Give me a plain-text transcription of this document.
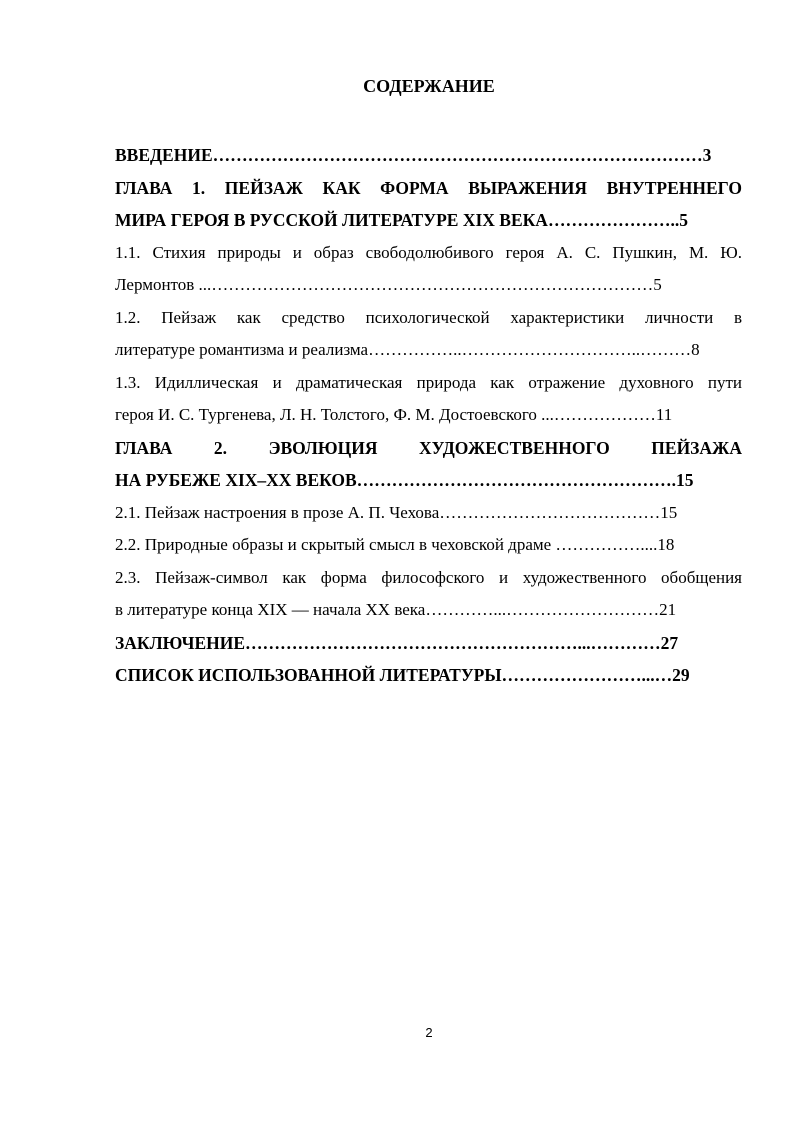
СОДЕРЖАНИЕ
ВВЕДЕНИЕ…………………………………………………………………………3
ГЛАВА 1. ПЕЙЗАЖ КАК ФОРМА ВЫРАЖЕНИЯ ВНУТРЕННЕГО
МИРА ГЕРОЯ В РУССКОЙ ЛИТЕРАТУРЕ XIX ВЕКА…………………..5
1.1. Стихия природы и образ свободолюбивого героя А. С. Пушкин, М. Ю.
Лермонтов ...……………………………………………………………………5
1.2. Пейзаж как средство психологической характеристики личности в
литературе романтизма и реализма……………..…………………………..………8
1.3. Идиллическая и драматическая природа как отражение духовного пути
героя И. С. Тургенева, Л. Н. Толстого, Ф. М. Достоевского ...………………11
ГЛАВА 2. ЭВОЛЮЦИЯ ХУДОЖЕСТВЕННОГО ПЕЙЗАЖА
НА РУБЕЖЕ XIX–XX ВЕКОВ……………………………………………….15
2.1. Пейзаж настроения в прозе А. П. Чехова…………………………………15
2.2. Природные образы и скрытый смысл в чеховской драме ……………....18
2.3. Пейзаж-символ как форма философского и художественного обобщения
в литературе конца XIX — начала XX века…………...………………………21
ЗАКЛЮЧЕНИЕ…………………………………………………...…………27
СПИСОК ИСПОЛЬЗОВАННОЙ ЛИТЕРАТУРЫ……………………...…29
2
